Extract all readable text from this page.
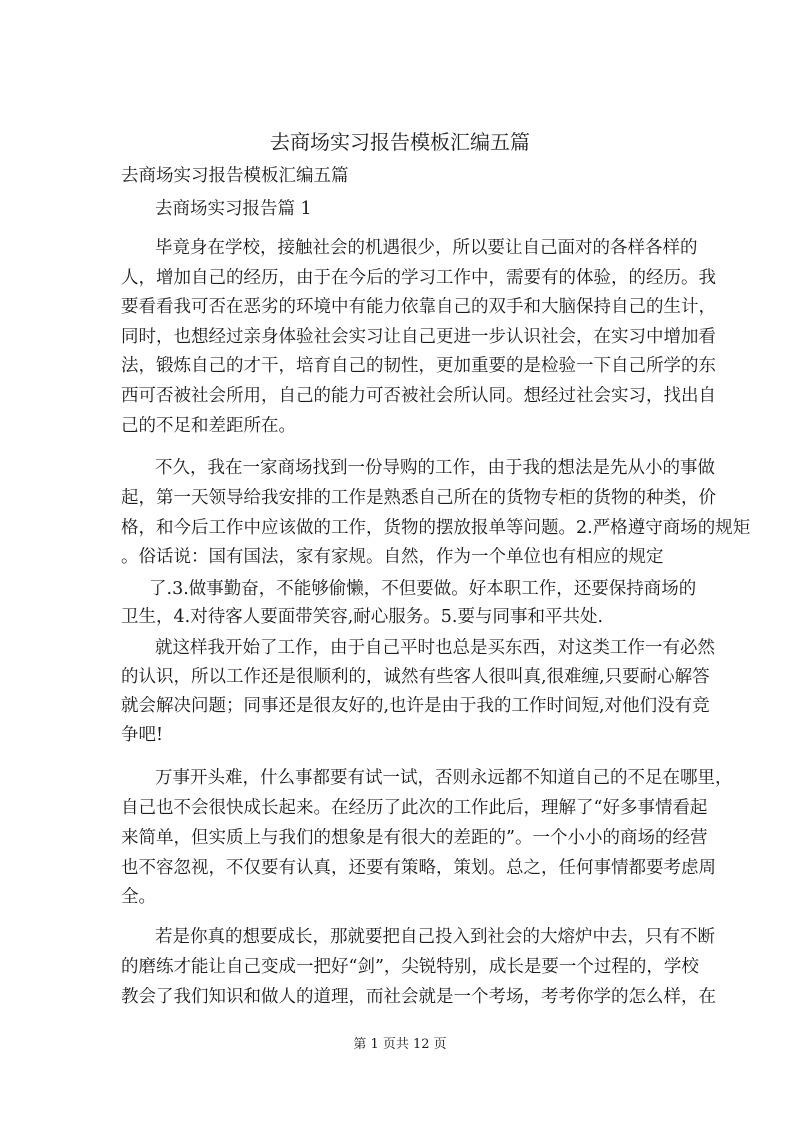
去商场实习报告模板汇编五篇
去商场实习报告模板汇编五篇
去商场实习报告篇 1
毕竟身在学校，接触社会的机遇很少，所以要让自己面对的各样各样的
人，增加自己的经历，由于在今后的学习工作中，需要有的体验，的经历。我
要看看我可否在恶劣的环境中有能力依靠自己的双手和大脑保持自己的生计，
同时，也想经过亲身体验社会实习让自己更进一步认识社会，在实习中增加看
法，锻炼自己的才干，培育自己的韧性，更加重要的是检验一下自己所学的东
西可否被社会所用，自己的能力可否被社会所认同。想经过社会实习，找出自
己的不足和差距所在。
不久，我在一家商场找到一份导购的工作，由于我的想法是先从小的事做
起，第一天领导给我安排的工作是熟悉自己所在的货物专柜的货物的种类，价
格，和今后工作中应该做的工作，货物的摆放报单等问题。2.严格遵守商场的规矩
。俗话说：国有国法，家有家规。自然，作为一个单位也有相应的规定
了.3.做事勤奋，不能够偷懒，不但要做。好本职工作，还要保持商场的
卫生，4.对待客人要面带笑容,耐心服务。5.要与同事和平共处.
就这样我开始了工作，由于自己平时也总是买东西，对这类工作一有必然
的认识，所以工作还是很顺利的，诚然有些客人很叫真,很难缠,只要耐心解答
就会解决问题；同事还是很友好的,也许是由于我的工作时间短,对他们没有竞
争吧!
万事开头难，什么事都要有试一试，否则永远都不知道自己的不足在哪里，
自己也不会很快成长起来。在经历了此次的工作此后，理解了“好多事情看起
来简单，但实质上与我们的想象是有很大的差距的”。一个小小的商场的经营
也不容忽视，不仅要有认真，还要有策略，策划。总之，任何事情都要考虑周
全。
若是你真的想要成长，那就要把自己投入到社会的大熔炉中去，只有不断
的磨练才能让自己变成一把好“剑”，尖锐特别，成长是要一个过程的，学校
教会了我们知识和做人的道理，而社会就是一个考场，考考你学的怎么样，在
第 1 页共 12 页
